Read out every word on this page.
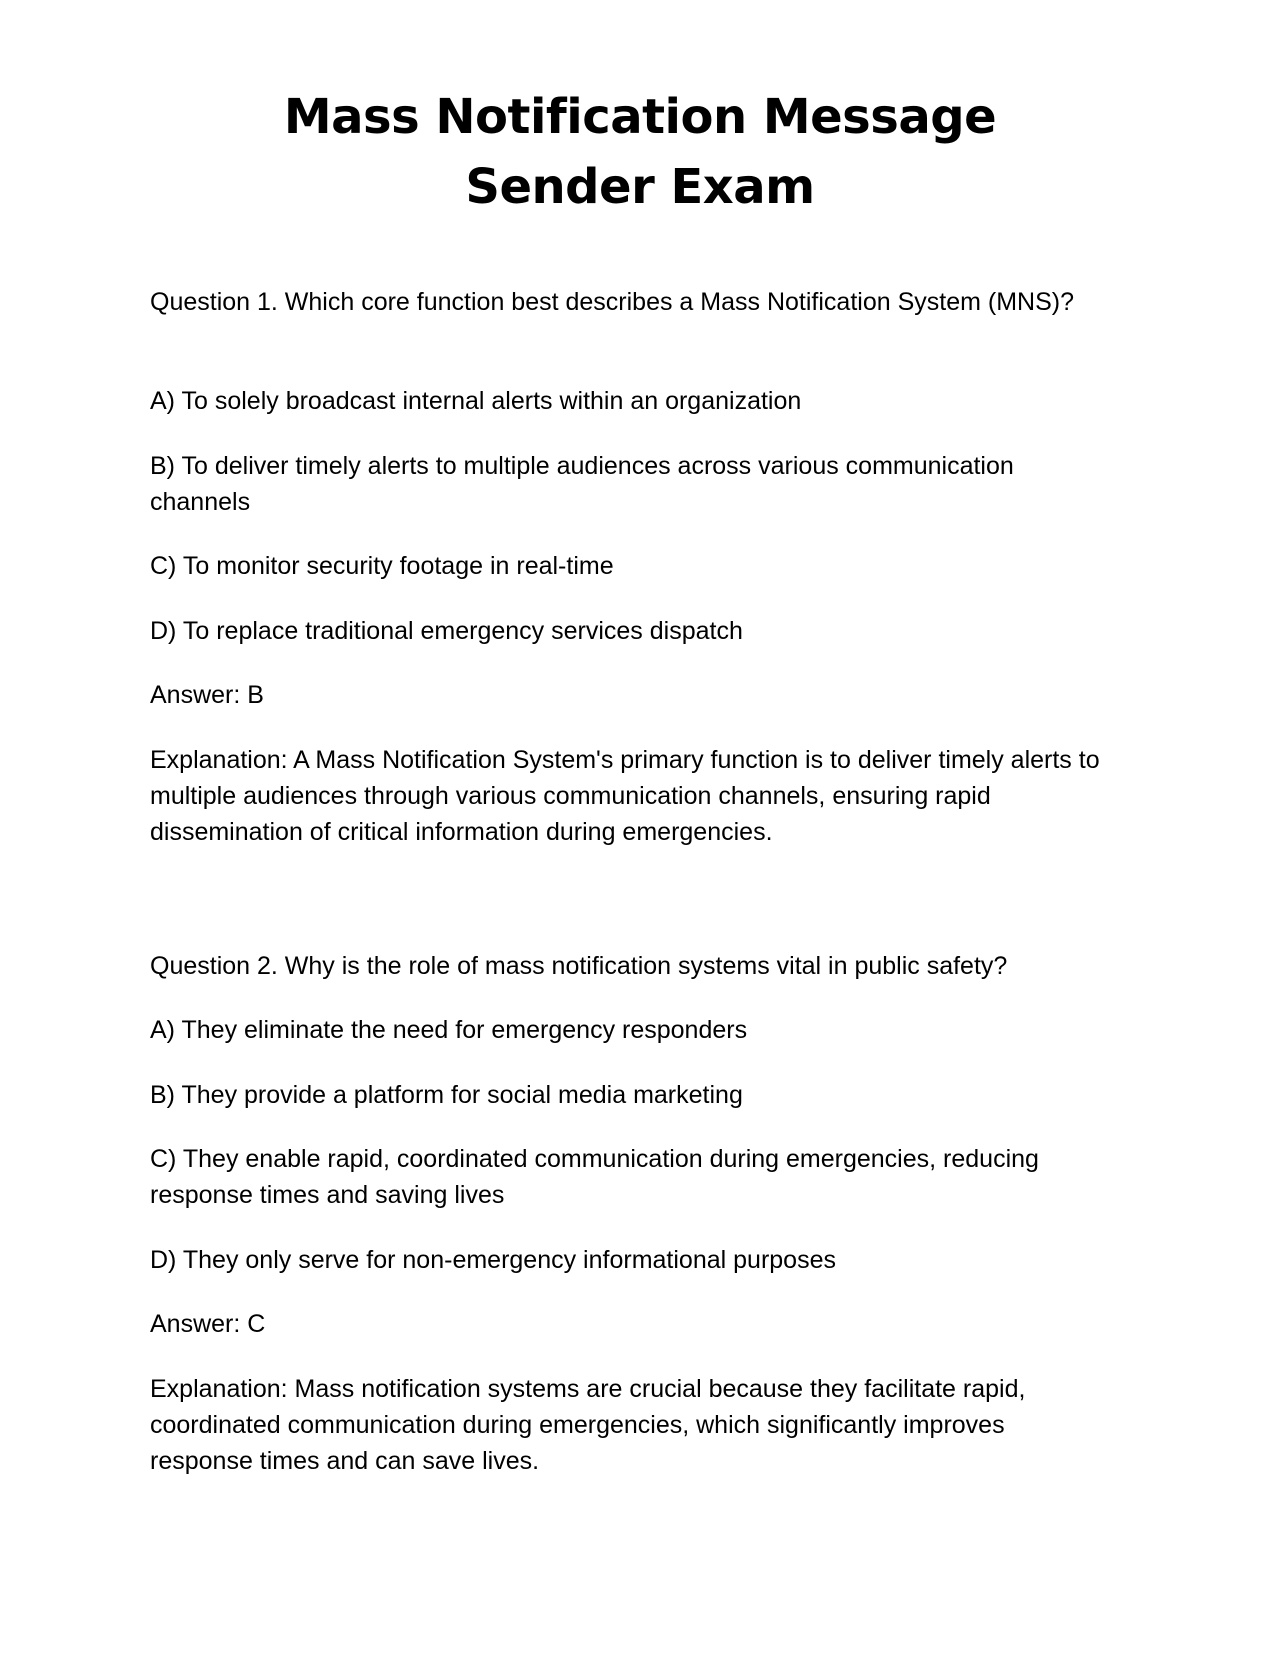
Mass Notification Message Sender Exam

Question 1. Which core function best describes a Mass Notification System (MNS)?

A) To solely broadcast internal alerts within an organization

B) To deliver timely alerts to multiple audiences across various communication channels

C) To monitor security footage in real-time

D) To replace traditional emergency services dispatch

Answer: B

Explanation: A Mass Notification System's primary function is to deliver timely alerts to multiple audiences through various communication channels, ensuring rapid dissemination of critical information during emergencies.

Question 2. Why is the role of mass notification systems vital in public safety?

A) They eliminate the need for emergency responders

B) They provide a platform for social media marketing

C) They enable rapid, coordinated communication during emergencies, reducing response times and saving lives

D) They only serve for non-emergency informational purposes

Answer: C

Explanation: Mass notification systems are crucial because they facilitate rapid, coordinated communication during emergencies, which significantly improves response times and can save lives.
